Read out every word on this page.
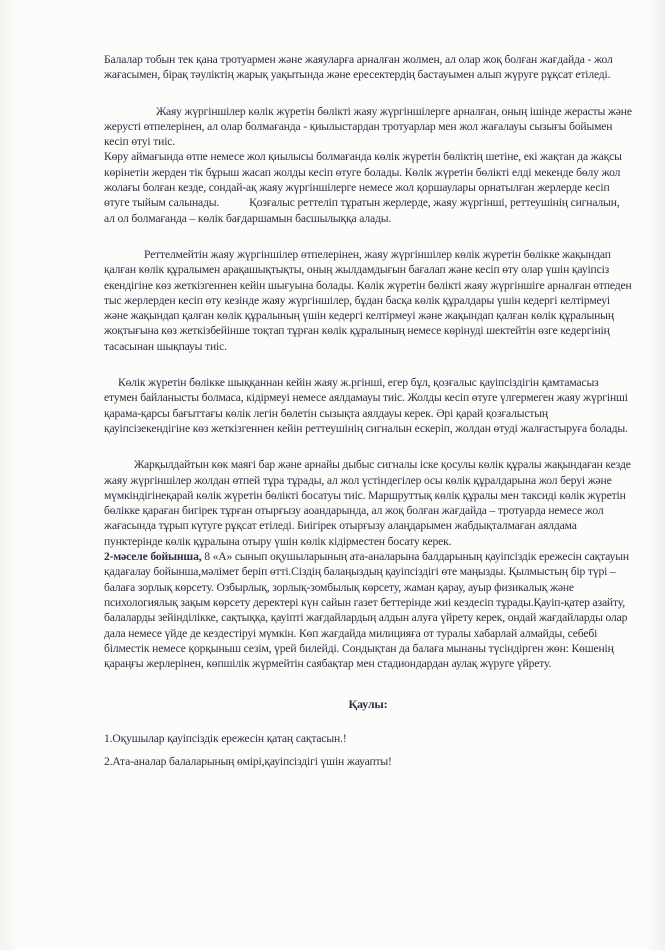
Балалар тобын тек қана тротуармен және жаяуларға арналған жолмен, ал олар жоқ болған жағдайда - жол жағасымен, бірақ тәуліктің жарық уақытында және ересектердің бастауымен алып жүруге рұқсат етіледі.

Жаяу жүргіншілер көлік жүретін бөлікті жаяу жүргіншілерге арналған, оның ішінде жерасты және жерусті өтпелерінен, ал олар болмағанда - қиылыстардан тротуарлар мен жол жағалауы сызығы бойымен кесіп өтуі тиіс.

Көру аймағында өтпе немесе жол қиылысы болмағанда көлік жүретін бөліктің шетіне, екі жақтан да жақсы көрінетін жерден тік бұрыш жасап жолды кесіп өтуге болады. Көлік жүретін бөлікті елді мекенде бөлу жол жолағы болған кезде, сондай-ақ жаяу жүргіншілерге немесе жол қоршаулары орнатылған жерлерде кесіп өтуге тыйым салынады.	Қозғалыс реттеліп тұратын жерлерде, жаяу жүргінші, реттеушінің сигналын, ал ол болмағанда – көлік бағдаршамын басшылыққа алады.

Реттелмейтін жаяу жүргіншілер өтпелерінен, жаяу жүргіншілер көлік жүретін бөлікке жақындап қалған көлік құралымен арақашықтықты, оның жылдамдығын бағалап және кесіп өту олар үшін қауіпсіз екендігіне көз жеткізгеннен кейін шығуына болады. Көлік жүретін бөлікті жаяу жүргіншіге арналған өтпеден тыс жерлерден кесіп өту кезінде жаяу жүргіншілер, бұдан басқа көлік құралдары үшін кедергі келтірмеуі және жақындап қалған көлік құралының үшін кедергі келтірмеуі және жақындап қалған көлік құралының жоқтығына көз жеткізбейінше тоқтап тұрған көлік құралының немесе көрінуді шектейтін өзге кедергінің тасасынан шықпауы тиіс.

Көлік жүретін бөлікке шыққаннан кейін жаяу ж.ргінші, егер бұл, қозғалыс қауіпсіздігін қамтамасыз етумен байланысты болмаса, кідірмеуі немесе аялдамауы тиіс. Жолды кесіп өтуге үлгермеген жаяу жүргінші қарама-қарсы бағыттағы көлік легін бөлетін сызықта аялдауы керек. Әрі қарай қозғалыстың қауіпсізекендігіне көз жеткізгеннен кейін реттеушінің сигналын ескеріп, жолдан өтуді жалғастыруға болады.

Жарқылдайтын көк маяғі бар және арнайы дыбыс сигналы іске қосулы көлік құралы жақындаған кезде жаяу жүргіншілер жолдан өтпей тұра тұрады, ал жол үстіндегілер осы көлік құралдарына жол беруі және мүмкіндігінеқарай көлік жүретін бөлікті босатуы тиіс. Маршруттық көлік құралы мен таксиді көлік жүретін бөлікке қараған бигірек тұрған отырғызу аоандарында, ал жоқ болған жағдайда – тротуарда немесе жол жағасында тұрып күтуге рұқсат етіледі. Биігірек отырғызу алаңдарымен жабдықталмаған аялдама пунктерінде көлік құралына отыру үшін көлік кідірместен босату керек.

2-мәселе бойынша, 8 «А» сынып оқушыларының ата-аналарына балдарының қауіпсіздік ережесін сақтауын қадағалау бойынша,мәлімет беріп өтті.Сіздің балаңыздың қауіпсіздігі өте маңызды. Қылмыстың бір түрі – балаға зорлық көрсету. Озбырлық, зорлық-зомбылық көрсету, жаман қарау, ауыр физикалық және психологиялық зақым көрсету деректері күн сайын газет беттерінде жиі кездесіп тұрады.Қауіп-қатер азайту, балаларды зейінділікке, сақтыққа, қауіпті жағдайлардың алдын алуға үйрету керек, ондай жағдайларды олар дала немесе үйде де кездестіруі мүмкін. Көп жағдайда милицияға от туралы хабарлай алмайды, себебі білместік немесе қорқыныш сезім, үрей билейді. Сондықтан да балаға мынаны түсіндірген жөн: Көшенің қараңғы жерлерінен, көпшілік жүрмейтін саябақтар мен стадиондардан аулақ жүруге үйрету.

Қаулы:

1.Оқушылар қауіпсіздік ережесін қатаң сақтасын.!

2.Ата-аналар балаларының өмірі,қауіпсіздігі үшін жауапты!
